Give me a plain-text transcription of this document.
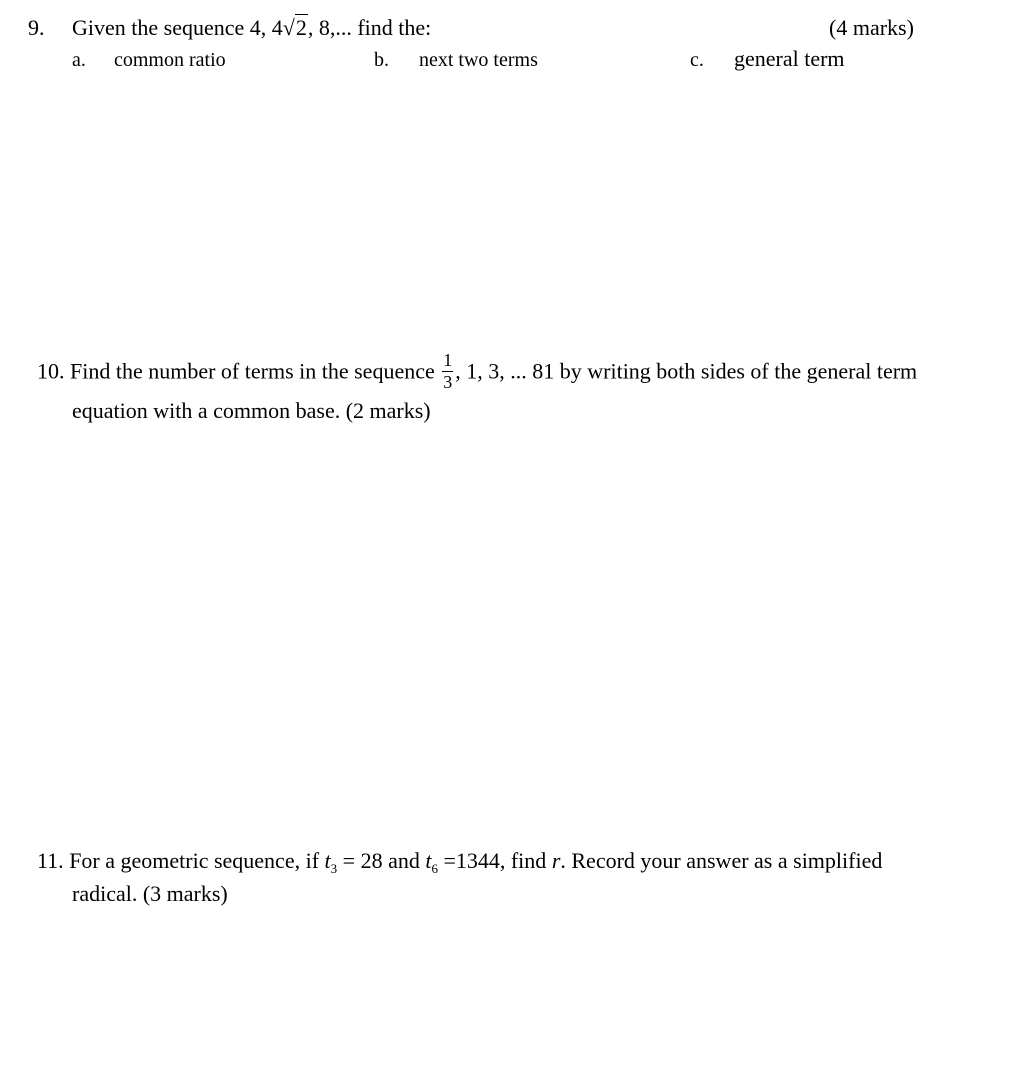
9. Given the sequence 4, 4√2, 8,... find the:	(4 marks)
a. common ratio	b. next two terms	c. general term
10. Find the number of terms in the sequence $\frac{1}{3}$ , 1, 3, ... 81 by writing both sides of the general term
equation with a common base. (2 marks)
11. For a geometric sequence, if $t_3 = 28$ and $t_6 =1344$, find r. Record your answer as a simplified
radical. (3 marks)
